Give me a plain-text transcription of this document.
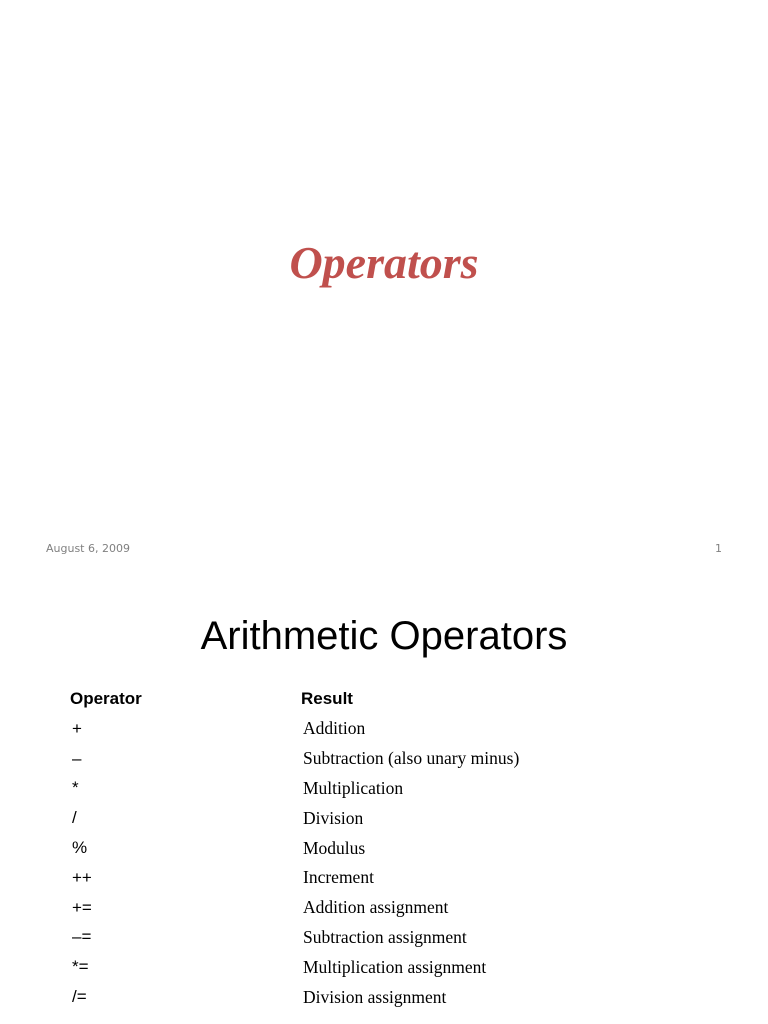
Operators
August 6, 2009	1
Arithmetic Operators
Operator	Result
+	Addition
–	Subtraction (also unary minus)
*	Multiplication
/	Division
%	Modulus
++	Increment
+=	Addition assignment
–=	Subtraction assignment
*=	Multiplication assignment
/=	Division assignment
